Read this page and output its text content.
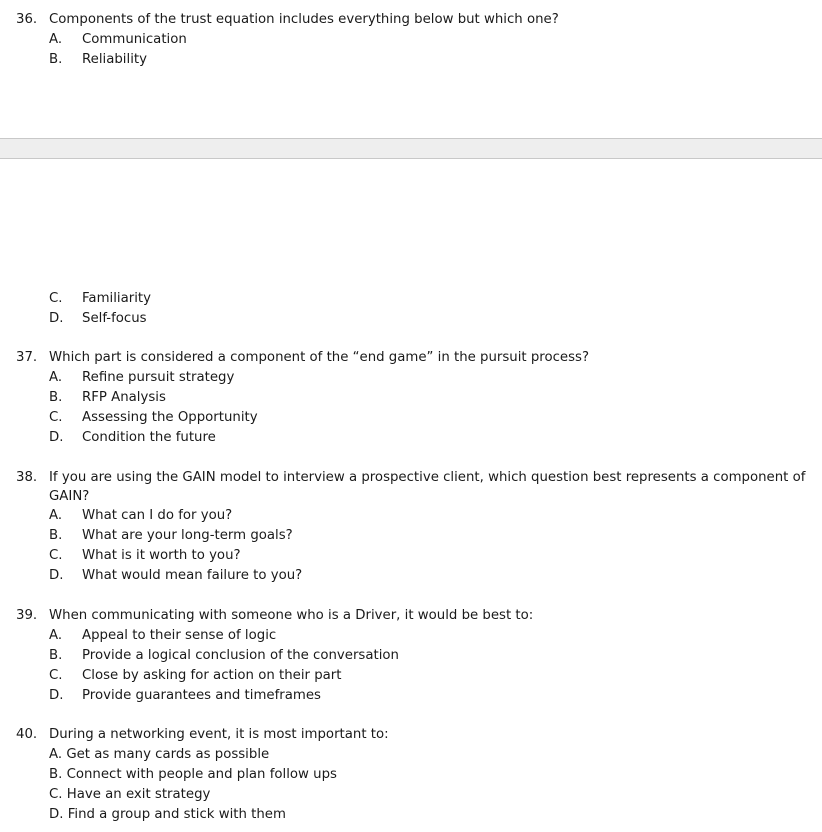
36. Components of the trust equation includes everything below but which one?
A. Communication
B. Reliability
C. Familiarity
D. Self-focus
37. Which part is considered a component of the “end game” in the pursuit process?
A. Refine pursuit strategy
B. RFP Analysis
C. Assessing the Opportunity
D. Condition the future
38. If you are using the GAIN model to interview a prospective client, which question best represents a component of GAIN?
A. What can I do for you?
B. What are your long-term goals?
C. What is it worth to you?
D. What would mean failure to you?
39. When communicating with someone who is a Driver, it would be best to:
A. Appeal to their sense of logic
B. Provide a logical conclusion of the conversation
C. Close by asking for action on their part
D. Provide guarantees and timeframes
40. During a networking event, it is most important to:
A. Get as many cards as possible
B. Connect with people and plan follow ups
C. Have an exit strategy
D. Find a group and stick with them
